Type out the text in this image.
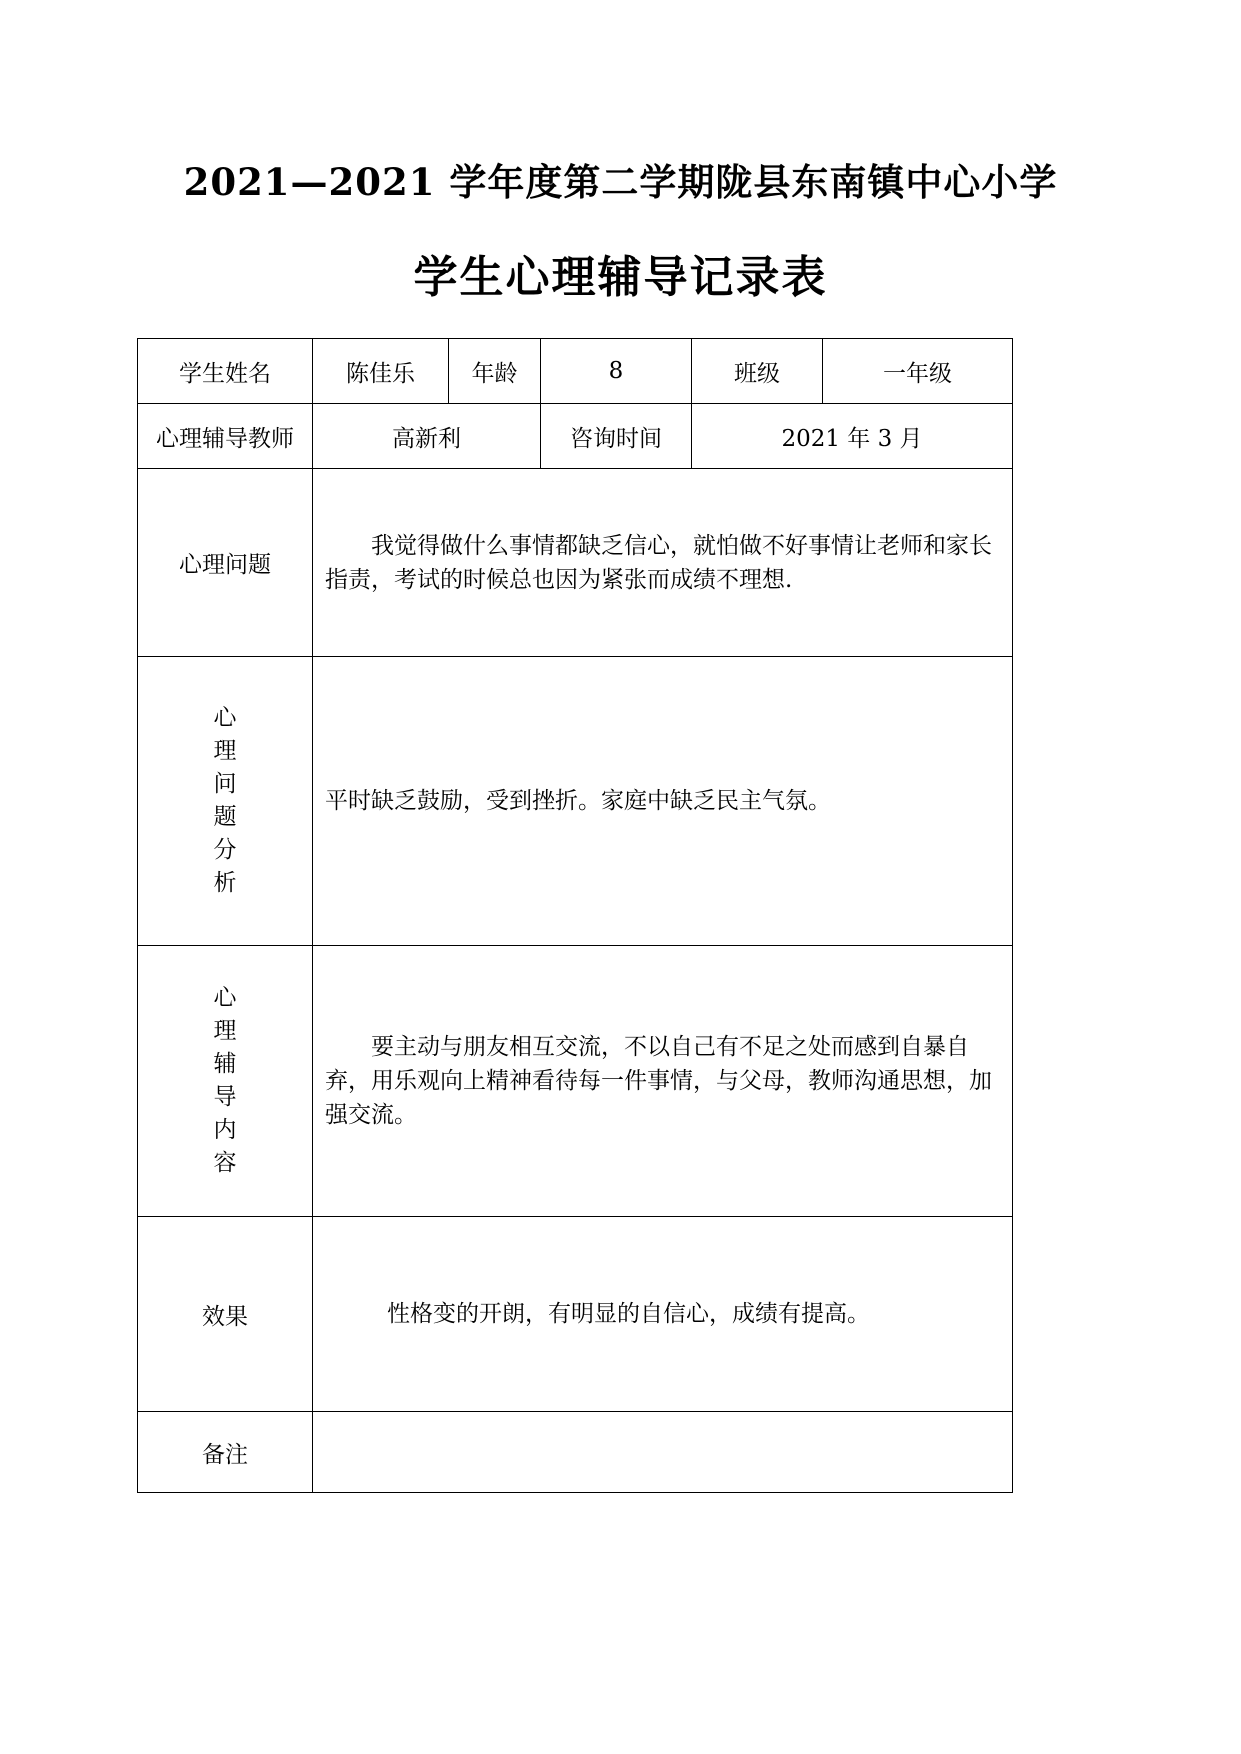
2021—2021 学年度第二学期陇县东南镇中心小学
学生心理辅导记录表
学生姓名	陈佳乐	年龄	8	班级	一年级
心理辅导教师	高新利		咨询时间	2021 年 3 月	
心理问题	我觉得做什么事情都缺乏信心，就怕做不好事情让老师和家长指责，考试的时候总也因为紧张而成绩不理想.				

心理问题分析	平时缺乏鼓励，受到挫折。家庭中缺乏民主气氛。				

心理辅导内容	要主动与朋友相互交流，不以自己有不足之处而感到自暴自弃，用乐观向上精神看待每一件事情，与父母，教师沟通思想，加强交流。				

效果	性格变的开朗，有明显的自信心，成绩有提高。				

备注					
